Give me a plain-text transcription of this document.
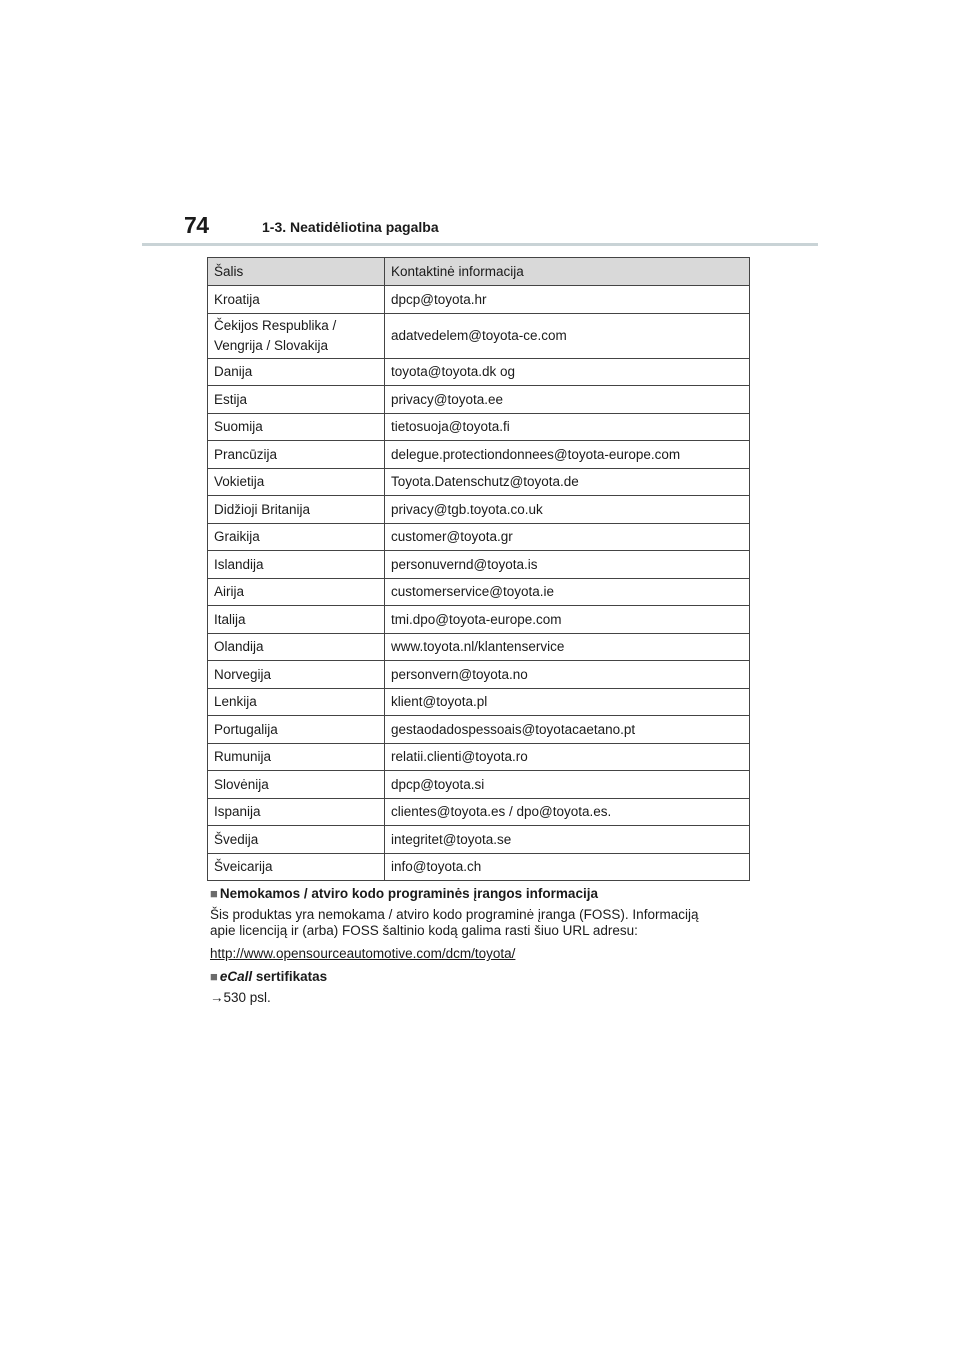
74	1-3. Neatidėliotina pagalba
Šalis	Kontaktinė informacija
Kroatija	dpcp@toyota.hr
Čekijos Respublika /
Vengrija / Slovakija	adatvedelem@toyota-ce.com
Danija	toyota@toyota.dk og
Estija	privacy@toyota.ee
Suomija	tietosuoja@toyota.fi
Prancūzija	delegue.protectiondonnees@toyota-europe.com
Vokietija	Toyota.Datenschutz@toyota.de
Didžioji Britanija	privacy@tgb.toyota.co.uk
Graikija	customer@toyota.gr
Islandija	personuvernd@toyota.is
Airija	customerservice@toyota.ie
Italija	tmi.dpo@toyota-europe.com
Olandija	www.toyota.nl/klantenservice
Norvegija	personvern@toyota.no
Lenkija	klient@toyota.pl
Portugalija	gestaodadospessoais@toyotacaetano.pt
Rumunija	relatii.clienti@toyota.ro
Slovėnija	dpcp@toyota.si
Ispanija	clientes@toyota.es / dpo@toyota.es.
Švedija	integritet@toyota.se
Šveicarija	info@toyota.ch
■ Nemokamos / atviro kodo programinės įrangos informacija
Šis produktas yra nemokama / atviro kodo programinė įranga (FOSS). Informaciją
apie licenciją ir (arba) FOSS šaltinio kodą galima rasti šiuo URL adresu:
http://www.opensourceautomotive.com/dcm/toyota/
■ eCall sertifikatas
→530 psl.
